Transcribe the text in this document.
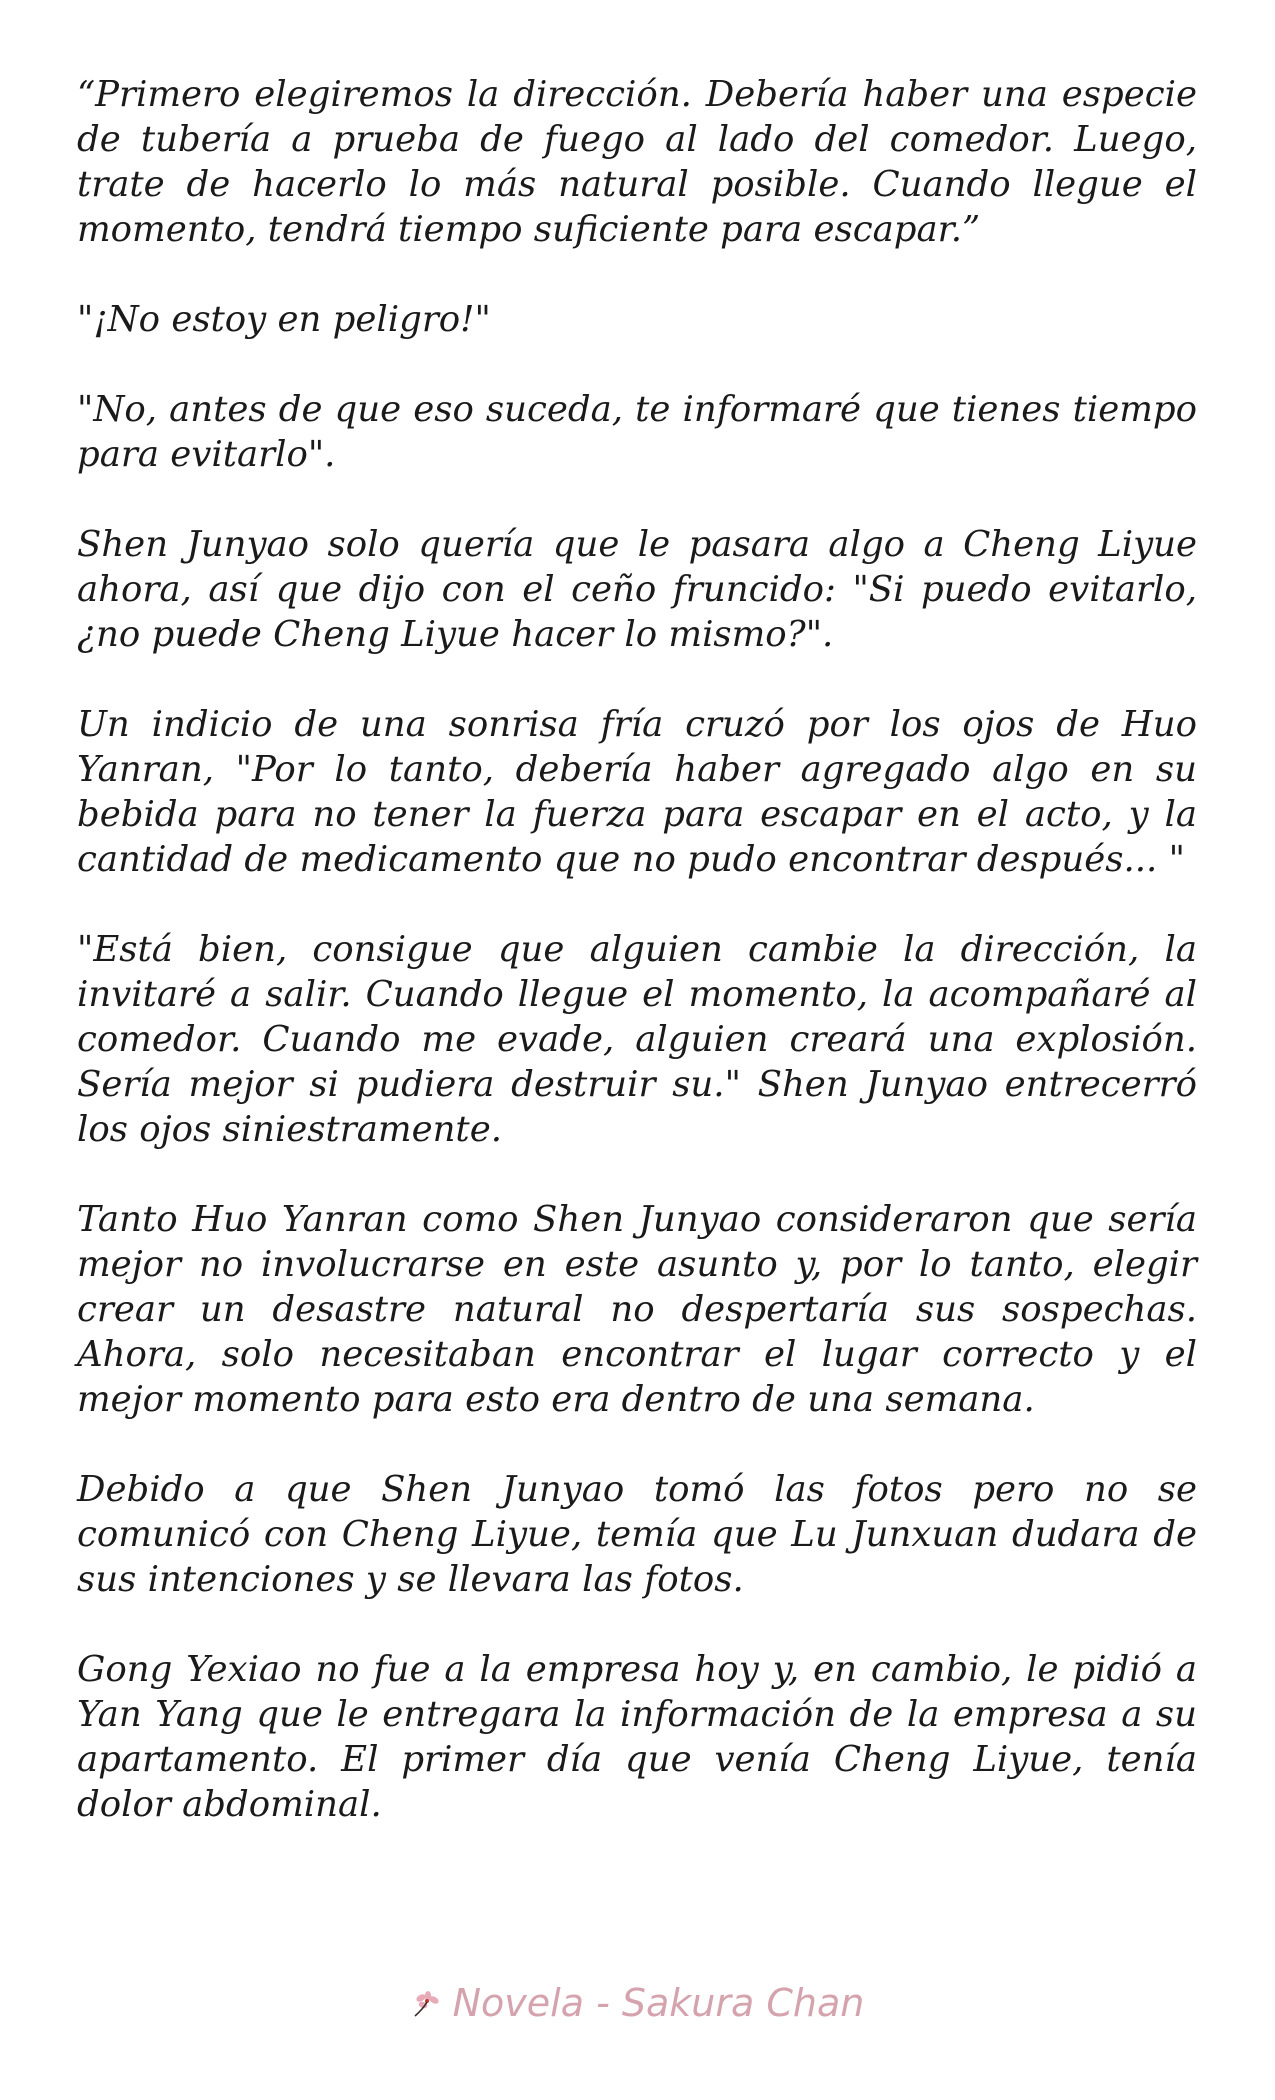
“Primero elegiremos la dirección. Debería haber una especie de tubería a prueba de fuego al lado del comedor. Luego, trate de hacerlo lo más natural posible. Cuando llegue el momento, tendrá tiempo suficiente para escapar.”

"¡No estoy en peligro!"

"No, antes de que eso suceda, te informaré que tienes tiempo para evitarlo".

Shen Junyao solo quería que le pasara algo a Cheng Liyue ahora, así que dijo con el ceño fruncido: "Si puedo evitarlo, ¿no puede Cheng Liyue hacer lo mismo?".

Un indicio de una sonrisa fría cruzó por los ojos de Huo Yanran, "Por lo tanto, debería haber agregado algo en su bebida para no tener la fuerza para escapar en el acto, y la cantidad de medicamento que no pudo encontrar después... "

"Está bien, consigue que alguien cambie la dirección, la invitaré a salir. Cuando llegue el momento, la acompañaré al comedor. Cuando me evade, alguien creará una explosión. Sería mejor si pudiera destruir su." Shen Junyao entrecerró los ojos siniestramente.

Tanto Huo Yanran como Shen Junyao consideraron que sería mejor no involucrarse en este asunto y, por lo tanto, elegir crear un desastre natural no despertaría sus sospechas. Ahora, solo necesitaban encontrar el lugar correcto y el mejor momento para esto era dentro de una semana.

Debido a que Shen Junyao tomó las fotos pero no se comunicó con Cheng Liyue, temía que Lu Junxuan dudara de sus intenciones y se llevara las fotos.

Gong Yexiao no fue a la empresa hoy y, en cambio, le pidió a Yan Yang que le entregara la información de la empresa a su apartamento. El primer día que venía Cheng Liyue, tenía dolor abdominal.

Novela - Sakura Chan
